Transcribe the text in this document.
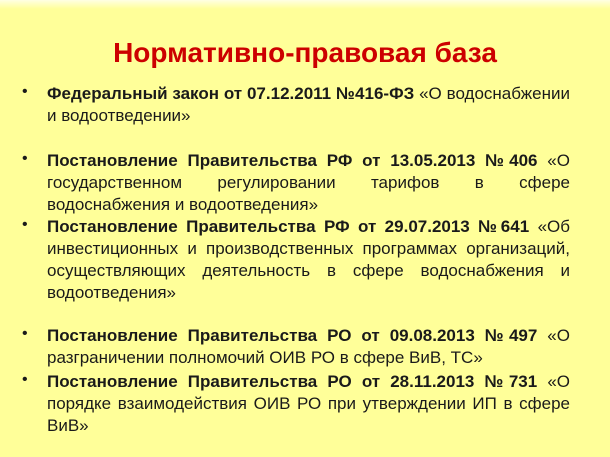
Нормативно-правовая база
• Федеральный закон от 07.12.2011 №416-ФЗ «О водоснабжении и водоотведении»
• Постановление Правительства РФ от 13.05.2013 №406 «О государственном регулировании тарифов в сфере водоснабжения и водоотведения»
• Постановление Правительства РФ от 29.07.2013 №641 «Об инвестиционных и производственных программах организаций, осуществляющих деятельность в сфере водоснабжения и водоотведения»
• Постановление Правительства РО от 09.08.2013 №497 «О разграничении полномочий ОИВ РО в сфере ВиВ, ТС»
• Постановление Правительства РО от 28.11.2013 №731 «О порядке взаимодействия ОИВ РО при утверждении ИП в сфере ВиВ»
